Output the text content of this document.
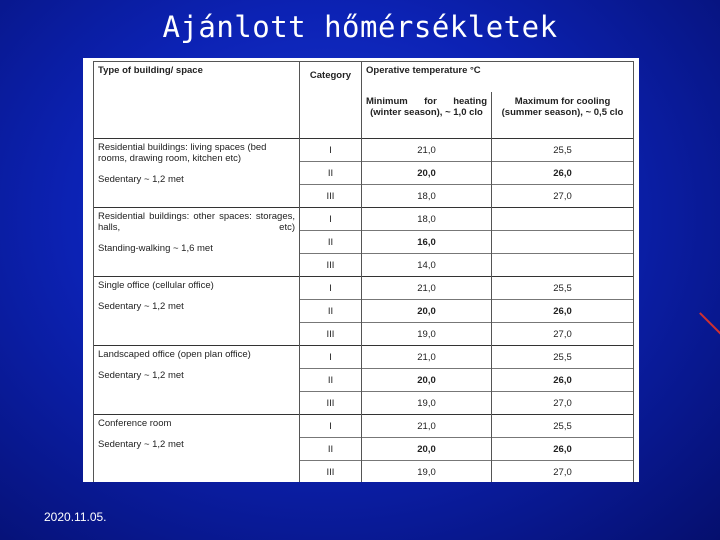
Ajánlott hőmérsékletek
Type of building/ space	Category	Operative temperature °C	
		Minimum for heating (winter season), ~ 1,0 clo	Maximum for cooling (summer season), ~ 0,5 clo

Residential buildings: living spaces (bed rooms, drawing room, kitchen etc)
Sedentary ~ 1,2 met	I	21,0	25,5
	II	20,0	26,0
	III	18,0	27,0

Residential buildings: other spaces: storages, halls, etc)
Standing-walking ~ 1,6 met	I	18,0	
	II	16,0	
	III	14,0	

Single office (cellular office)
Sedentary ~ 1,2 met	I	21,0	25,5
	II	20,0	26,0
	III	19,0	27,0

Landscaped office (open plan office)
Sedentary ~ 1,2 met	I	21,0	25,5
	II	20,0	26,0
	III	19,0	27,0

Conference room
Sedentary ~ 1,2 met	I	21,0	25,5
	II	20,0	26,0
	III	19,0	27,0
2020.11.05.
